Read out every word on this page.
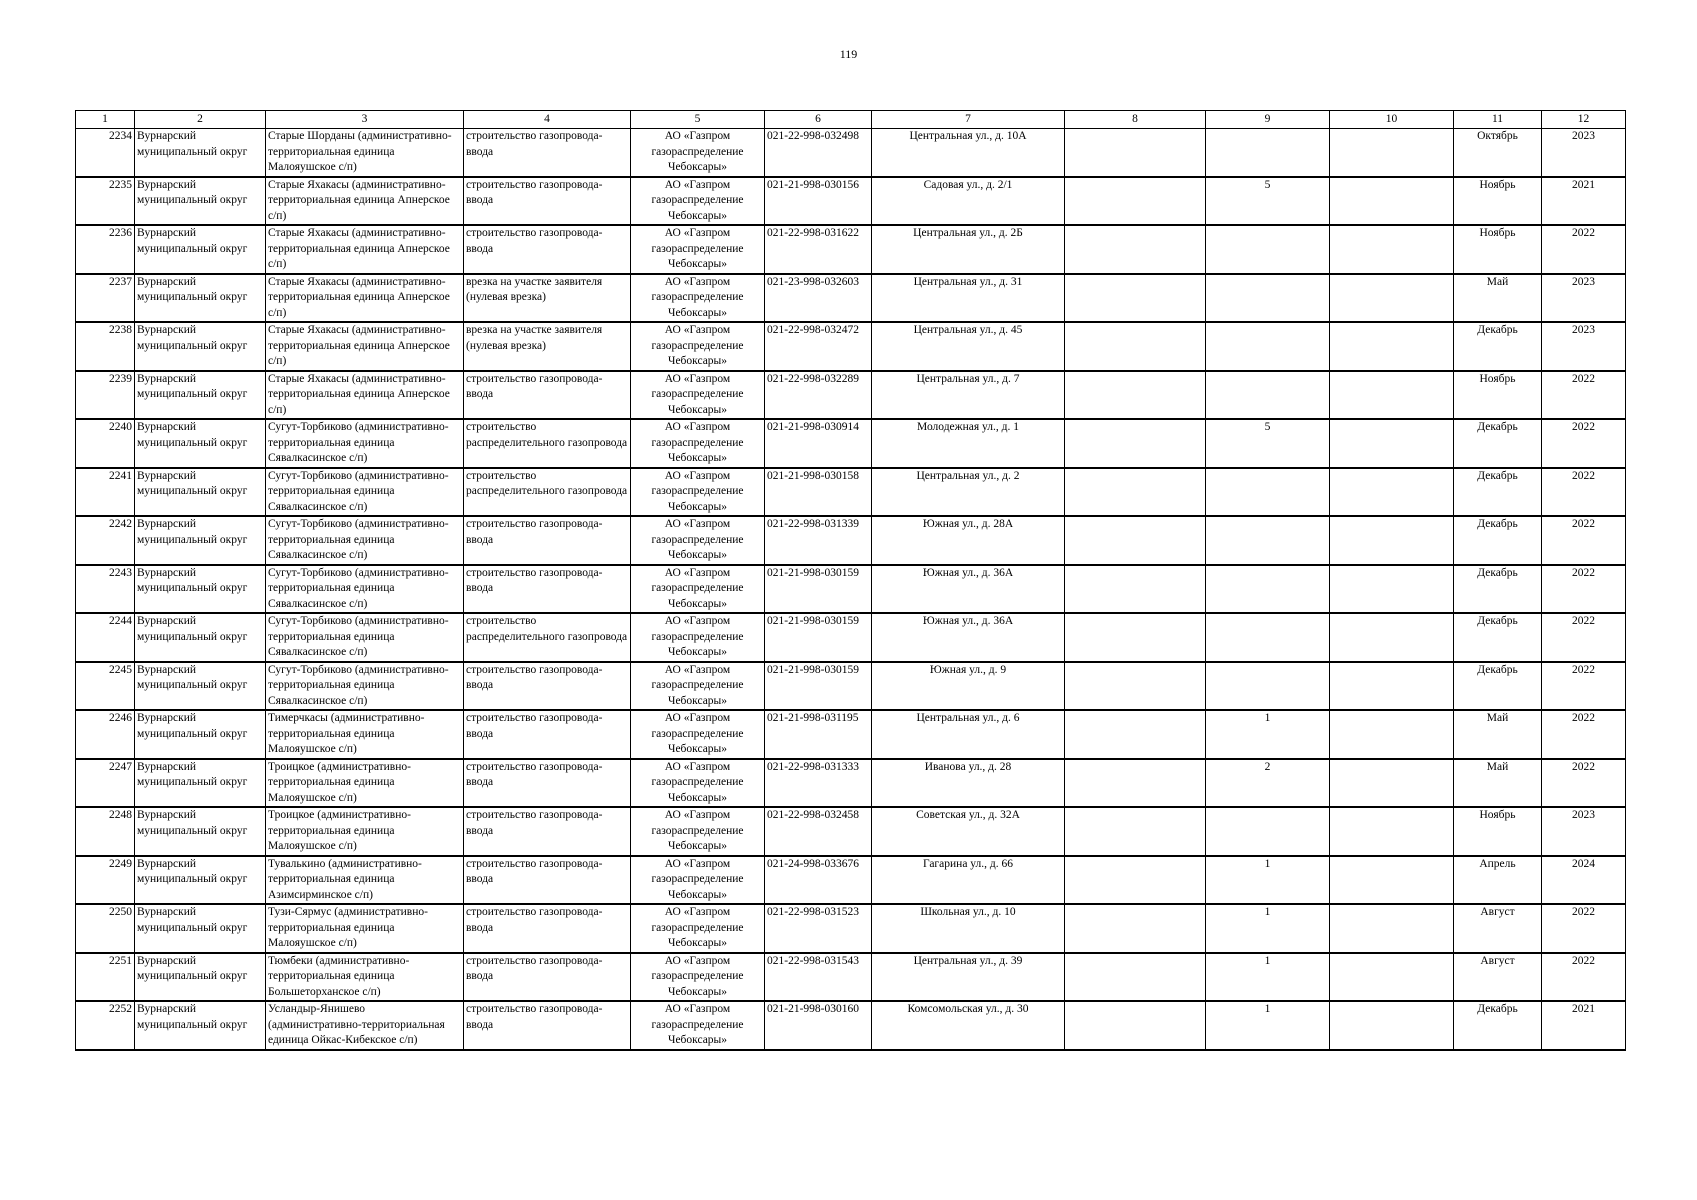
119
1	2	3	4	5	6	7	8	9	10	11	12
2234	Вурнарский муниципальный округ	Старые Шорданы (административно-территориальная единица Малояушское с/п)	строительство газопровода-ввода	АО «Газпром газораспределение Чебоксары»	021-22-998-032498	Центральная ул., д. 10А				Октябрь	2023
2235	Вурнарский муниципальный округ	Старые Яхакасы (административно-территориальная единица Апнерское с/п)	строительство газопровода-ввода	АО «Газпром газораспределение Чебоксары»	021-21-998-030156	Садовая ул., д. 2/1		5		Ноябрь	2021
2236	Вурнарский муниципальный округ	Старые Яхакасы (административно-территориальная единица Апнерское с/п)	строительство газопровода-ввода	АО «Газпром газораспределение Чебоксары»	021-22-998-031622	Центральная ул., д. 2Б				Ноябрь	2022
2237	Вурнарский муниципальный округ	Старые Яхакасы (административно-территориальная единица Апнерское с/п)	врезка на участке заявителя (нулевая врезка)	АО «Газпром газораспределение Чебоксары»	021-23-998-032603	Центральная ул., д. 31				Май	2023
2238	Вурнарский муниципальный округ	Старые Яхакасы (административно-территориальная единица Апнерское с/п)	врезка на участке заявителя (нулевая врезка)	АО «Газпром газораспределение Чебоксары»	021-22-998-032472	Центральная ул., д. 45				Декабрь	2023
2239	Вурнарский муниципальный округ	Старые Яхакасы (административно-территориальная единица Апнерское с/п)	строительство газопровода-ввода	АО «Газпром газораспределение Чебоксары»	021-22-998-032289	Центральная ул., д. 7				Ноябрь	2022
2240	Вурнарский муниципальный округ	Сугут-Торбиково (административно-территориальная единица Сявалкасинское с/п)	строительство распределительного газопровода	АО «Газпром газораспределение Чебоксары»	021-21-998-030914	Молодежная ул., д. 1		5		Декабрь	2022
2241	Вурнарский муниципальный округ	Сугут-Торбиково (административно-территориальная единица Сявалкасинское с/п)	строительство распределительного газопровода	АО «Газпром газораспределение Чебоксары»	021-21-998-030158	Центральная ул., д. 2				Декабрь	2022
2242	Вурнарский муниципальный округ	Сугут-Торбиково (административно-территориальная единица Сявалкасинское с/п)	строительство газопровода-ввода	АО «Газпром газораспределение Чебоксары»	021-22-998-031339	Южная ул., д. 28А				Декабрь	2022
2243	Вурнарский муниципальный округ	Сугут-Торбиково (административно-территориальная единица Сявалкасинское с/п)	строительство газопровода-ввода	АО «Газпром газораспределение Чебоксары»	021-21-998-030159	Южная ул., д. 36А				Декабрь	2022
2244	Вурнарский муниципальный округ	Сугут-Торбиково (административно-территориальная единица Сявалкасинское с/п)	строительство распределительного газопровода	АО «Газпром газораспределение Чебоксары»	021-21-998-030159	Южная ул., д. 36А				Декабрь	2022
2245	Вурнарский муниципальный округ	Сугут-Торбиково (административно-территориальная единица Сявалкасинское с/п)	строительство газопровода-ввода	АО «Газпром газораспределение Чебоксары»	021-21-998-030159	Южная ул., д. 9				Декабрь	2022
2246	Вурнарский муниципальный округ	Тимерчкасы (административно-территориальная единица Малояушское с/п)	строительство газопровода-ввода	АО «Газпром газораспределение Чебоксары»	021-21-998-031195	Центральная ул., д. 6		1		Май	2022
2247	Вурнарский муниципальный округ	Троицкое (административно-территориальная единица Малояушское с/п)	строительство газопровода-ввода	АО «Газпром газораспределение Чебоксары»	021-22-998-031333	Иванова ул., д. 28		2		Май	2022
2248	Вурнарский муниципальный округ	Троицкое (административно-территориальная единица Малояушское с/п)	строительство газопровода-ввода	АО «Газпром газораспределение Чебоксары»	021-22-998-032458	Советская ул., д. 32А				Ноябрь	2023
2249	Вурнарский муниципальный округ	Тувалькино (административно-территориальная единица Азимсирминское с/п)	строительство газопровода-ввода	АО «Газпром газораспределение Чебоксары»	021-24-998-033676	Гагарина ул., д. 66		1		Апрель	2024
2250	Вурнарский муниципальный округ	Тузи-Сярмус (административно-территориальная единица Малояушское с/п)	строительство газопровода-ввода	АО «Газпром газораспределение Чебоксары»	021-22-998-031523	Школьная ул., д. 10		1		Август	2022
2251	Вурнарский муниципальный округ	Тюмбеки (административно-территориальная единица Большеторханское с/п)	строительство газопровода-ввода	АО «Газпром газораспределение Чебоксары»	021-22-998-031543	Центральная ул., д. 39		1		Август	2022
2252	Вурнарский муниципальный округ	Усландыр-Янишево (административно-территориальная единица Ойкас-Кибекское с/п)	строительство газопровода-ввода	АО «Газпром газораспределение Чебоксары»	021-21-998-030160	Комсомольская ул., д. 30		1		Декабрь	2021
